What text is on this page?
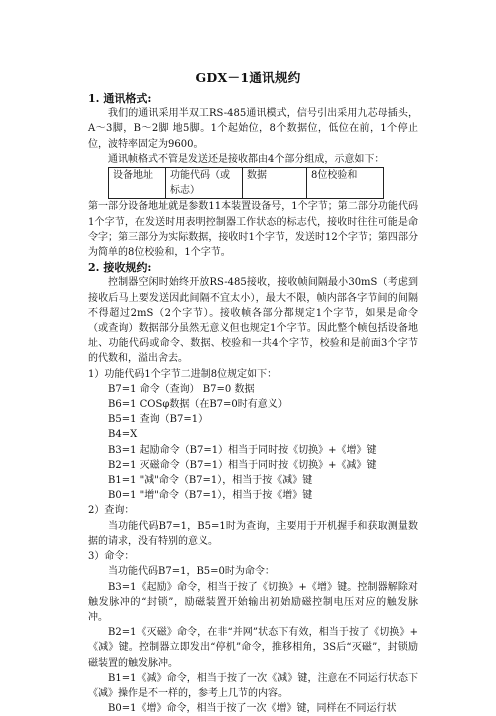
GDX－1通讯规约

1. 通讯格式:

我们的通讯采用半双工RS-485通讯模式，信号引出采用九芯母插头，A～3脚，B～2脚 地5脚。1个起始位，8个数据位，低位在前，1个停止位，波特率固定为9600。

通讯帧格式不管是发送还是接收都由4个部分组成，示意如下：

设备地址	功能代码（或标志）	数据	8位校验和

第一部分设备地址就是参数11本装置设备号，1个字节；第二部分功能代码1个字节，在发送时用表明控制器工作状态的标志代，接收时往往可能是命令字；第三部分为实际数据，接收时1个字节，发送时12个字节；第四部分为简单的8位校验和，1个字节。

2. 接收规约:

控制器空闲时始终开放RS-485接收，接收帧间隔最小30mS（考虑到接收后马上要发送因此间隔不宜太小），最大不限，帧内部各字节间的间隔不得超过2mS（2个字节）。接收帧各部分都规定1个字节，如果是命令（或查询）数据部分虽然无意义但也规定1个字节。因此整个帧包括设备地址、功能代码或命令、数据、校验和一共4个字节，校验和是前面3个字节的代数和，溢出舍去。

1）功能代码1个字节二进制8位规定如下：

B7=1 命令（查询） B7=0 数据

B6=1 COSφ数据（在B7=0时有意义）

B5=1 查询（B7=1）

B4=X

B3=1 起励命令（B7=1）相当于同时按《切换》+《增》键

B2=1 灭磁命令（B7=1）相当于同时按《切换》+《减》键

B1=1 "减"命令（B7=1），相当于按《减》键

B0=1 "增"命令（B7=1），相当于按《增》键

2）查询：

当功能代码B7=1，B5=1时为查询，主要用于开机握手和获取测量数据的请求，没有特别的意义。

3）命令：

当功能代码B7=1，B5=0时为命令：

B3=1《起励》命令，相当于按了《切换》+《增》键。控制器解除对触发脉冲的“封锁”，励磁装置开始输出初始励磁控制电压对应的触发脉冲。

B2=1《灭磁》命令，在非“并网”状态下有效，相当于按了《切换》+《减》键。控制器立即发出“停机”命令，推移相角，3S后“灭磁”，封锁励磁装置的触发脉冲。

B1=1《减》命令，相当于按了一次《减》键，注意在不同运行状态下《减》操作是不一样的，参考上几节的内容。

B0=1《增》命令，相当于按了一次《增》键，同样在不同运行状
